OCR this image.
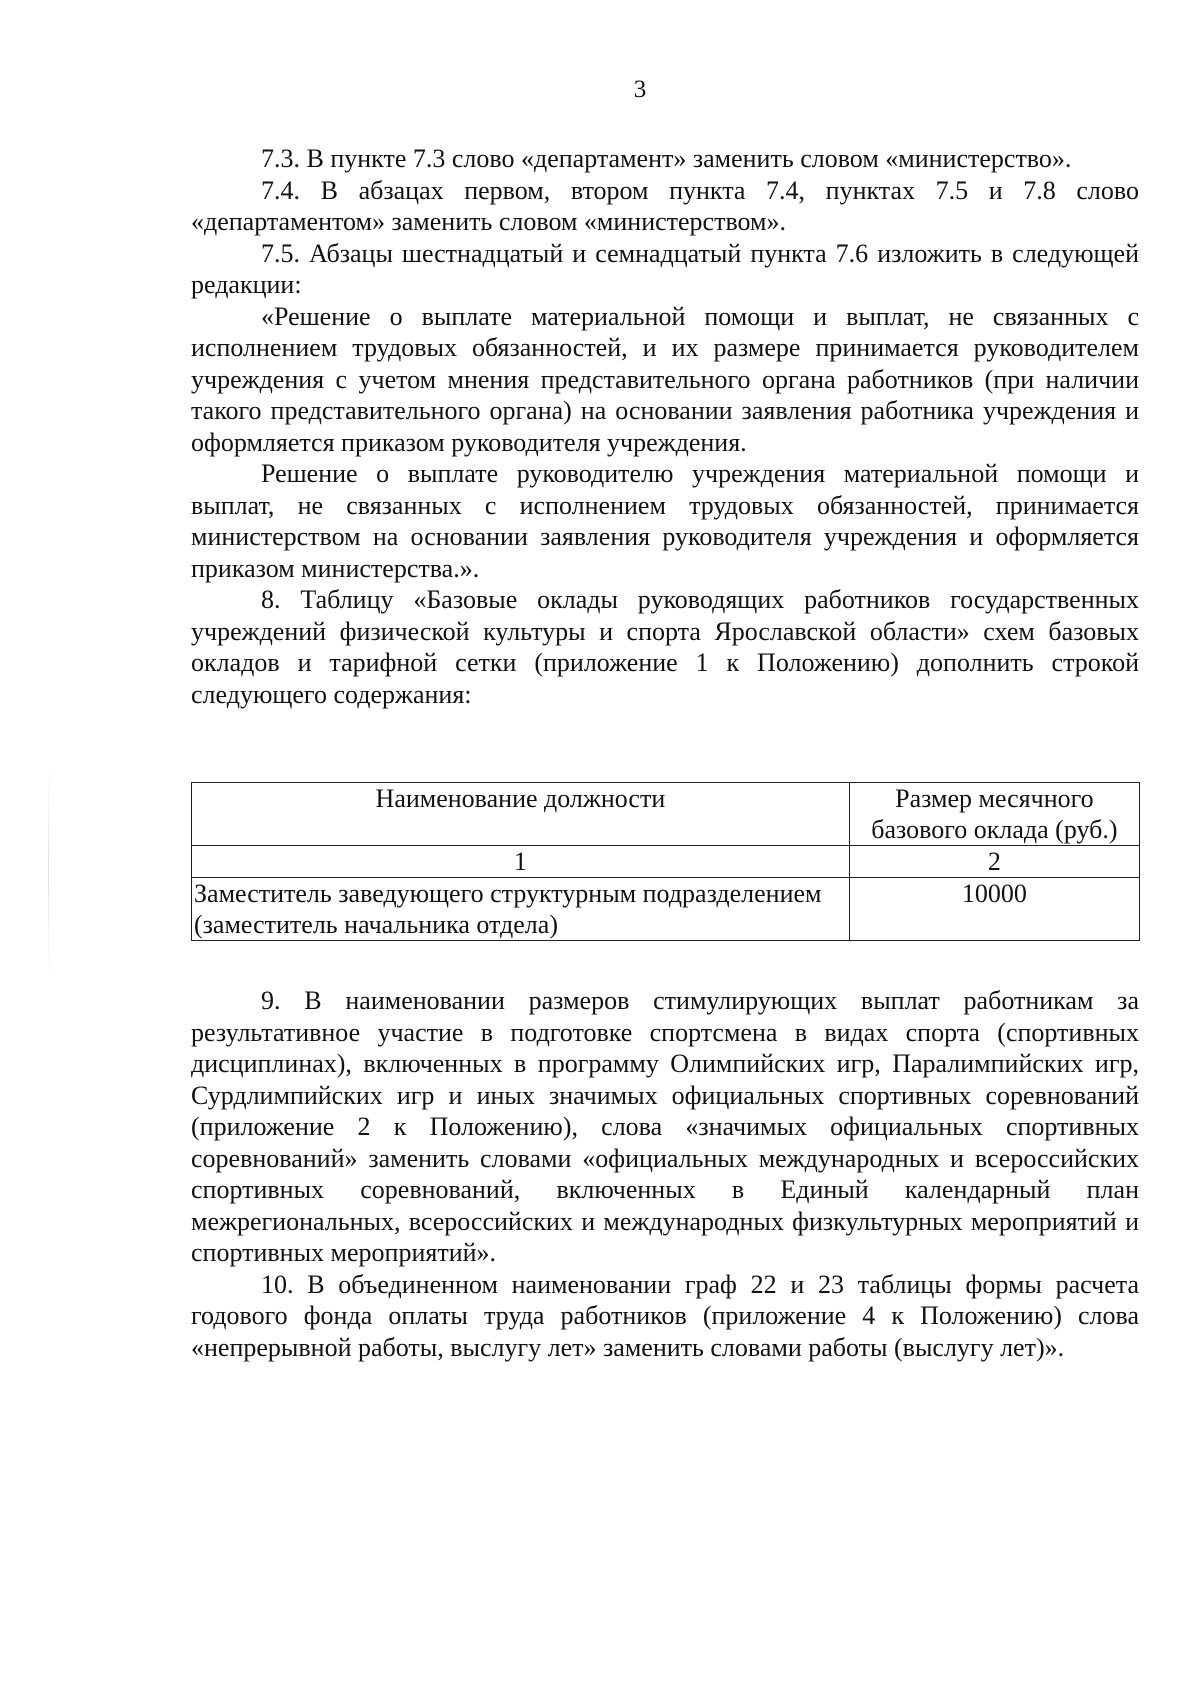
3

7.3. В пункте 7.3 слово «департамент» заменить словом «министерство».

7.4. В абзацах первом, втором пункта 7.4, пунктах 7.5 и 7.8 слово «департаментом» заменить словом «министерством».

7.5. Абзацы шестнадцатый и семнадцатый пункта 7.6 изложить в следующей редакции:

«Решение о выплате материальной помощи и выплат, не связанных с исполнением трудовых обязанностей, и их размере принимается руководителем учреждения с учетом мнения представительного органа работников (при наличии такого представительного органа) на основании заявления работника учреждения и оформляется приказом руководителя учреждения.

Решение о выплате руководителю учреждения материальной помощи и выплат, не связанных с исполнением трудовых обязанностей, принимается министерством на основании заявления руководителя учреждения и оформляется приказом министерства.».

8. Таблицу «Базовые оклады руководящих работников государственных учреждений физической культуры и спорта Ярославской области» схем базовых окладов и тарифной сетки (приложение 1 к Положению) дополнить строкой следующего содержания:

Наименование должности	Размер месячного базового оклада (руб.)
1	2
Заместитель заведующего структурным подразделением (заместитель начальника отдела)	10000

9. В наименовании размеров стимулирующих выплат работникам за результативное участие в подготовке спортсмена в видах спорта (спортивных дисциплинах), включенных в программу Олимпийских игр, Паралимпийских игр, Сурдлимпийских игр и иных значимых официальных спортивных соревнований (приложение 2 к Положению), слова «значимых официальных спортивных соревнований» заменить словами «официальных международных и всероссийских спортивных соревнований, включенных в Единый календарный план межрегиональных, всероссийских и международных физкультурных мероприятий и спортивных мероприятий».

10. В объединенном наименовании граф 22 и 23 таблицы формы расчета годового фонда оплаты труда работников (приложение 4 к Положению) слова «непрерывной работы, выслугу лет» заменить словами работы (выслугу лет)».
